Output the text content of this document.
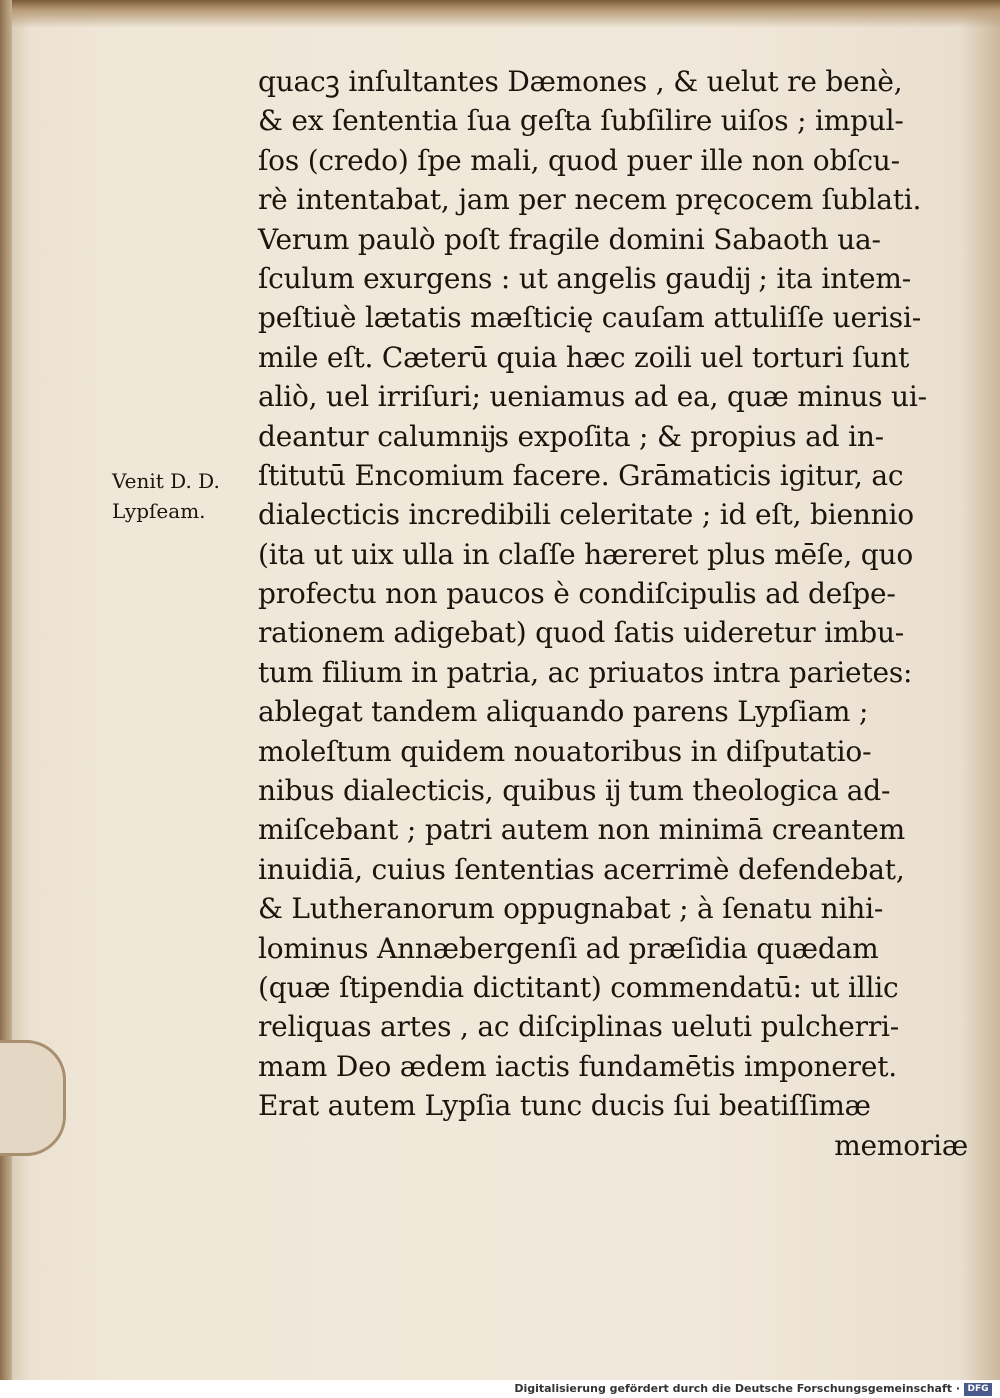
Venit D. D.
Lypſeam.
quacꝫ inſultantes Dæmones , & uelut re benè,
& ex ſententia ſua geſta ſubſilire uiſos ; impul-
ſos (credo) ſpe mali, quod puer ille non obſcu-
rè intentabat, jam per necem pręcocem ſublati.
Verum paulò poſt fragile domini Sabaoth ua-
ſculum exurgens : ut angelis gaudĳ ; ita intem-
peſtiuè lætatis mæſticię cauſam attuliſſe uerisi-
mile eſt. Cæterū quia hæc zoili uel torturi ſunt
aliò, uel irriſuri; ueniamus ad ea, quæ minus ui-
deantur calumnĳs expoſita ; & propius ad in-
ſtitutū Encomium facere. Grāmaticis igitur, ac
dialecticis incredibili celeritate ; id eſt, biennio
(ita ut uix ulla in claſſe hæreret plus mēſe, quo
profectu non paucos è condiſcipulis ad deſpe-
rationem adigebat) quod ſatis uideretur imbu-
tum filium in patria, ac priuatos intra parietes:
ablegat tandem aliquando parens Lypſiam ;
moleſtum quidem nouatoribus in diſputatio-
nibus dialecticis, quibus ĳ tum theologica ad-
miſcebant ; patri autem non minimā creantem
inuidiā, cuius ſententias acerrimè defendebat,
& Lutheranorum oppugnabat ; à ſenatu nihi-
lominus Annæbergenſi ad præſidia quædam
(quæ ſtipendia dictitant) commendatū: ut illic
reliquas artes , ac diſciplinas ueluti pulcherri-
mam Deo ædem iactis fundamētis imponeret.
Erat autem Lypſia tunc ducis ſui beatiſſimæ
memoriæ
Digitalisierung gefördert durch die Deutsche Forschungsgemeinschaft · DFG
